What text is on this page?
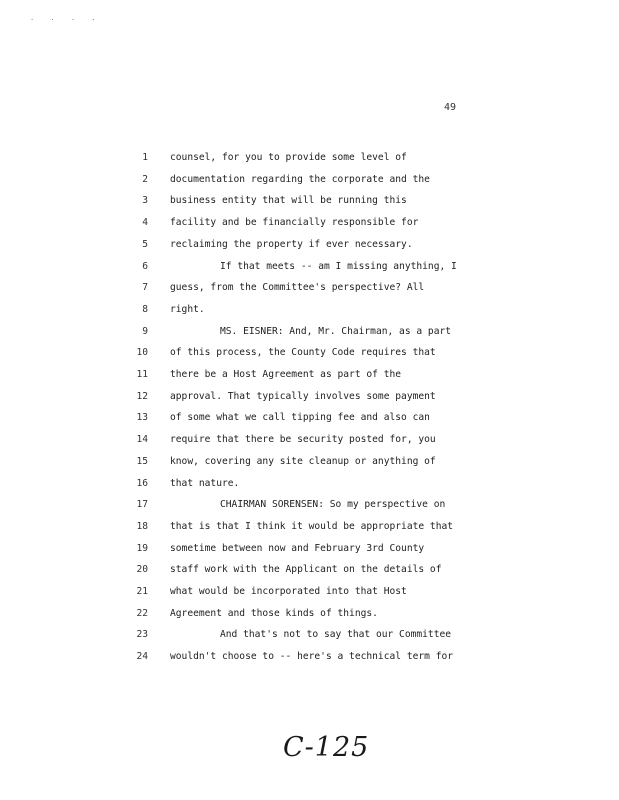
. . . .
49
1 counsel, for you to provide some level of
2 documentation regarding the corporate and the
3 business entity that will be running this
4 facility and be financially responsible for
5 reclaiming the property if ever necessary.
6	If that meets -- am I missing anything, I
7 guess, from the Committee's perspective? All
8 right.
9	MS. EISNER: And, Mr. Chairman, as a part
10 of this process, the County Code requires that
11 there be a Host Agreement as part of the
12 approval. That typically involves some payment
13 of some what we call tipping fee and also can
14 require that there be security posted for, you
15 know, covering any site cleanup or anything of
16 that nature.
17	CHAIRMAN SORENSEN: So my perspective on
18 that is that I think it would be appropriate that
19 sometime between now and February 3rd County
20 staff work with the Applicant on the details of
21 what would be incorporated into that Host
22 Agreement and those kinds of things.
23	And that's not to say that our Committee
24 wouldn't choose to -- here's a technical term for
C-125
